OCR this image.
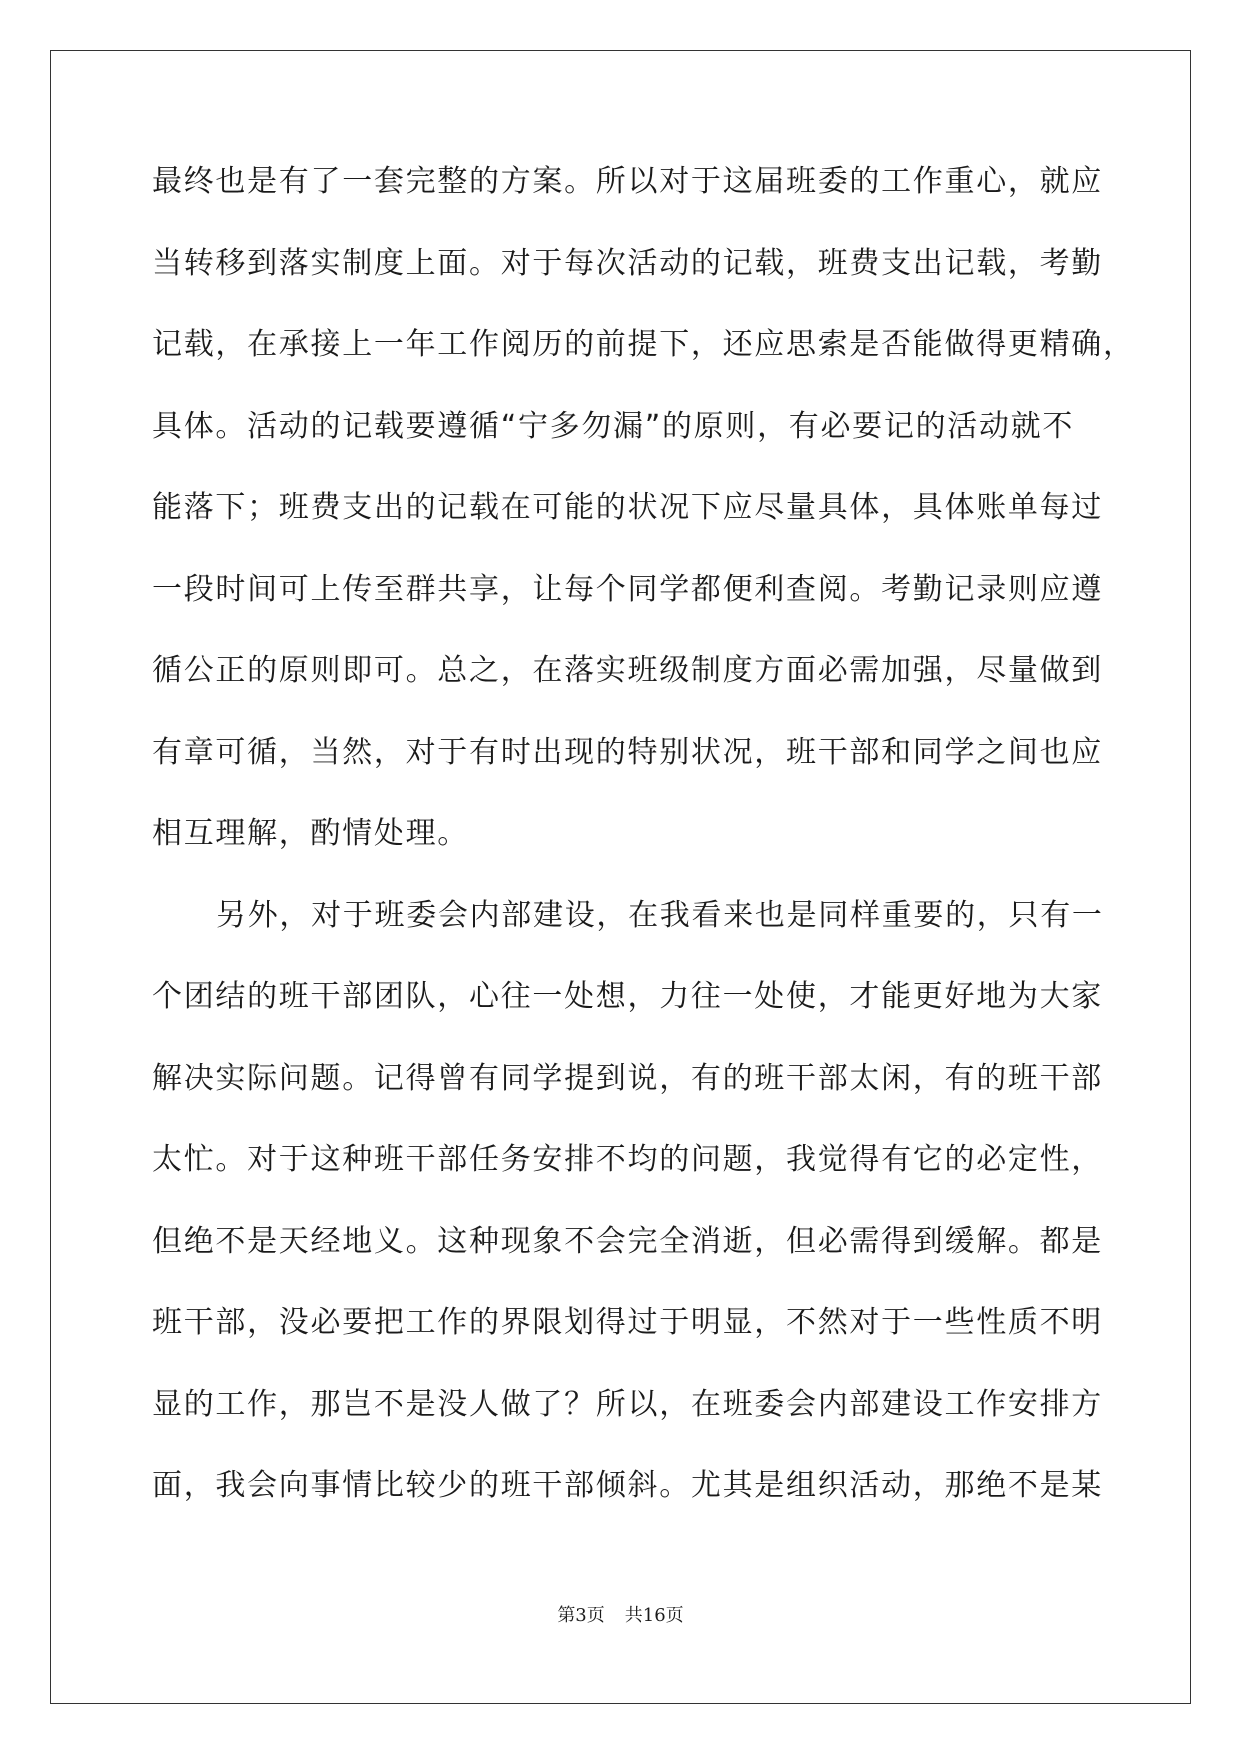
最终也是有了一套完整的方案。所以对于这届班委的工作重心，就应
当转移到落实制度上面。对于每次活动的记载，班费支出记载，考勤
记载，在承接上一年工作阅历的前提下，还应思索是否能做得更精确，
具体。活动的记载要遵循“宁多勿漏”的原则，有必要记的活动就不
能落下；班费支出的记载在可能的状况下应尽量具体，具体账单每过
一段时间可上传至群共享，让每个同学都便利查阅。考勤记录则应遵
循公正的原则即可。总之，在落实班级制度方面必需加强，尽量做到
有章可循，当然，对于有时出现的特别状况，班干部和同学之间也应
相互理解，酌情处理。
另外，对于班委会内部建设，在我看来也是同样重要的，只有一
个团结的班干部团队，心往一处想，力往一处使，才能更好地为大家
解决实际问题。记得曾有同学提到说，有的班干部太闲，有的班干部
太忙。对于这种班干部任务安排不均的问题，我觉得有它的必定性，
但绝不是天经地义。这种现象不会完全消逝，但必需得到缓解。都是
班干部，没必要把工作的界限划得过于明显，不然对于一些性质不明
显的工作，那岂不是没人做了？所以，在班委会内部建设工作安排方
面，我会向事情比较少的班干部倾斜。尤其是组织活动，那绝不是某
第3页 共16页
